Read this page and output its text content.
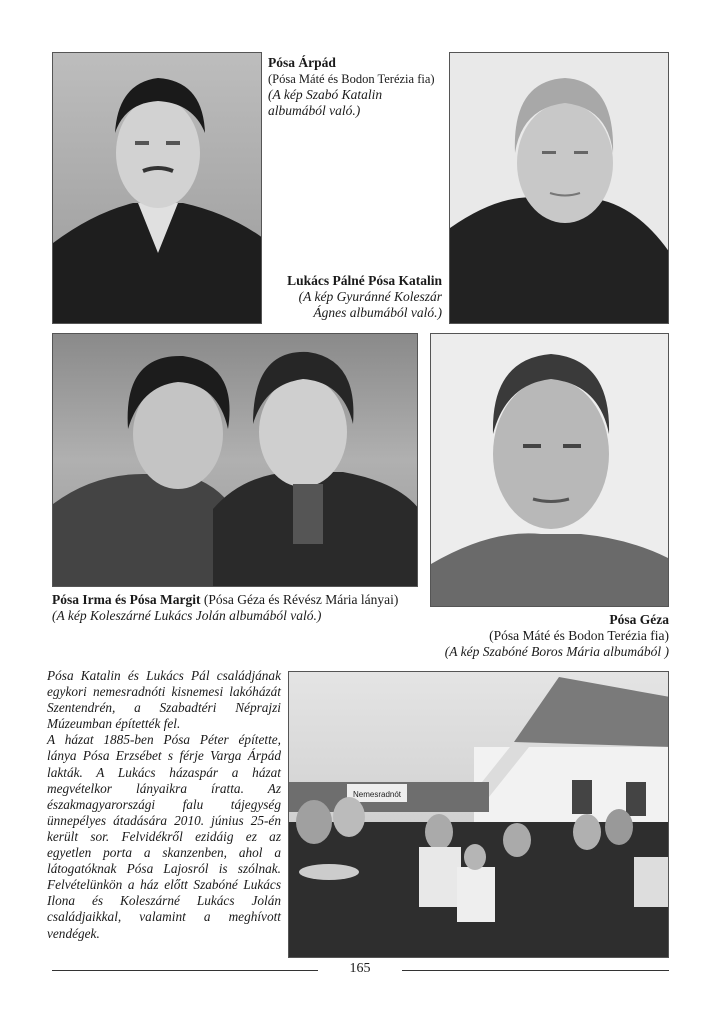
Pósa Árpád
(Pósa Máté és Bodon Terézia fia)
(A kép Szabó Katalin
albumából való.)
Lukács Pálné Pósa Katalin
(A kép Gyuránné Koleszár
Ágnes albumából való.)
Pósa Irma és Pósa Margit (Pósa Géza és Révész Mária lányai)
(A kép Koleszárné Lukács Jolán albumából való.)	Pósa Géza
(Pósa Máté és Bodon Terézia fia)
(A kép Szabóné Boros Mária albumából )
Pósa Katalin és Lukács Pál családjának egykori nemesradnóti kisnemesi lakóházát Szentendrén, a Szabadtéri Néprajzi Múzeumban építették fel.
A házat 1885-ben Pósa Péter építette, lánya Pósa Erzsébet s férje Varga Árpád lakták. A Lukács házaspár a házat megvételkor lányaikra íratta. Az északmagyarországi falu tájegység ünnepélyes átadására 2010. június 25-én került sor. Felvidékről ezidáig ez az egyetlen porta a skanzenben, ahol a látogatóknak Pósa Lajosról is szólnak. Felvételünkön a ház előtt Szabóné Lukács Ilona és Koleszárné Lukács Jolán családjaikkal, valamint a meghívott vendégek.
Nemesradnót
165
